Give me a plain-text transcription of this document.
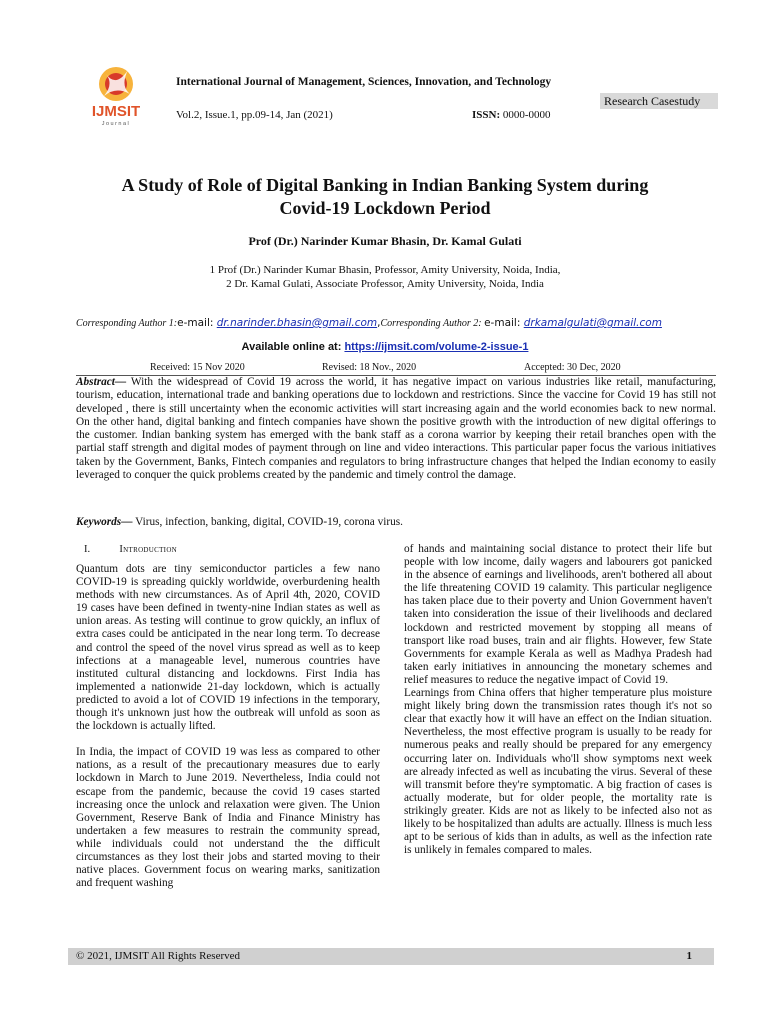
IJMSIT
Journal
International Journal of Management, Sciences, Innovation, and Technology
Research Casestudy
Vol.2, Issue.1, pp.09-14, Jan (2021)	ISSN: 0000-0000
A Study of Role of Digital Banking in Indian Banking System during
Covid-19 Lockdown Period
Prof (Dr.) Narinder Kumar Bhasin, Dr. Kamal Gulati
1 Prof (Dr.) Narinder Kumar Bhasin, Professor, Amity University, Noida, India,
2 Dr. Kamal Gulati, Associate Professor, Amity University, Noida, India
Corresponding Author 1:e-mail: dr.narinder.bhasin@gmail.com,Corresponding Author 2: e-mail: drkamalgulati@gmail.com
Available online at: https://ijmsit.com/volume-2-issue-1
Received: 15 Nov 2020	Revised: 18 Nov., 2020	Accepted: 30 Dec, 2020
Abstract— With the widespread of Covid 19 across the world, it has negative impact on various industries like retail, manufacturing, tourism, education, international trade and banking operations due to lockdown and restrictions. Since the vaccine for Covid 19 has still not developed , there is still uncertainty when the economic activities will start increasing again and the world economies back to new normal. On the other hand, digital banking and fintech companies have shown the positive growth with the introduction of new digital offerings to the customer. Indian banking system has emerged with the bank staff as a corona warrior by keeping their retail branches open with the partial staff strength and digital modes of payment through on line and video interactions. This particular paper focus the various initiatives taken by the Government, Banks, Fintech companies and regulators to bring infrastructure changes that helped the Indian economy to easily leveraged to conquer the quick problems created by the pandemic and timely control the damage.
Keywords— Virus, infection, banking, digital, COVID-19, corona virus.
I.	Introduction

Quantum dots are tiny semiconductor particles a few nano COVID-19 is spreading quickly worldwide, overburdening health methods with new circumstances. As of April 4th, 2020, COVID 19 cases have been defined in twenty-nine Indian states as well as union areas. As testing will continue to grow quickly, an influx of extra cases could be anticipated in the near long term. To decrease and control the speed of the novel virus spread as well as to keep infections at a manageable level, numerous countries have instituted cultural distancing and lockdowns. First India has implemented a nationwide 21-day lockdown, which is actually predicted to avoid a lot of COVID 19 infections in the temporary, though it's unknown just how the outbreak will unfold as soon as the lockdown is actually lifted.

In India, the impact of COVID 19 was less as compared to other nations, as a result of the precautionary measures due to early lockdown in March to June 2019. Nevertheless, India could not escape from the pandemic, because the covid 19 cases started increasing once the unlock and relaxation were given. The Union Government, Reserve Bank of India and Finance Ministry has undertaken a few measures to restrain the community spread, while individuals could not understand the the difficult circumstances as they lost their jobs and started moving to their native places. Government focus on wearing marks, sanitization and frequent washing

of hands and maintaining social distance to protect their life but people with low income, daily wagers and labourers got panicked in the absence of earnings and livelihoods, aren't bothered all about the life threatening COVID 19 calamity. This particular negligence has taken place due to their poverty and Union Government haven't taken into consideration the issue of their livelihoods and declared lockdown and restricted movement by stopping all means of transport like road buses, train and air flights. However, few State Governments for example Kerala as well as Madhya Pradesh had taken early initiatives in announcing the monetary schemes and relief measures to reduce the negative impact of Covid 19.

Learnings from China offers that higher temperature plus moisture might likely bring down the transmission rates though it's not so clear that exactly how it will have an effect on the Indian situation. Nevertheless, the most effective program is usually to be ready for numerous peaks and really should be prepared for any emergency occurring later on. Individuals who'll show symptoms next week are already infected as well as incubating the virus. Several of these will transmit before they're symptomatic. A big fraction of cases is actually moderate, but for older people, the mortality rate is strikingly greater. Kids are not as likely to be infected also not as likely to be hospitalized than adults are actually. Illness is much less apt to be serious of kids than in adults, as well as the infection rate is unlikely in females compared to males.

© 2021, IJMSIT All Rights Reserved	1
